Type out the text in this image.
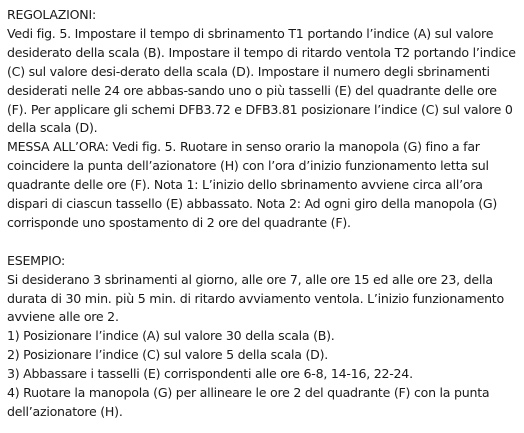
REGOLAZIONI:

Vedi fig. 5. Impostare il tempo di sbrinamento T1 portando l’indice (A) sul valore desiderato della scala (B). Impostare il tempo di ritardo ventola T2 portando l’indice (C) sul valore desi-derato della scala (D). Impostare il numero degli sbrinamenti desiderati nelle 24 ore abbas-sando uno o più tasselli (E) del quadrante delle ore (F). Per applicare gli schemi DFB3.72 e DFB3.81 posizionare l’indice (C) sul valore 0 della scala (D).

MESSA ALL’ORA: Vedi fig. 5. Ruotare in senso orario la manopola (G) fino a far coincidere la punta dell’azionatore (H) con l’ora d’inizio funzionamento letta sul quadrante delle ore (F). Nota 1: L’inizio dello sbrinamento avviene circa all’ora dispari di ciascun tassello (E) abbassato. Nota 2: Ad ogni giro della manopola (G) corrisponde uno spostamento di 2 ore del quadrante (F).

ESEMPIO:

Si desiderano 3 sbrinamenti al giorno, alle ore 7, alle ore 15 ed alle ore 23, della durata di 30 min. più 5 min. di ritardo avviamento ventola. L’inizio funzionamento avviene alle ore 2.

1) Posizionare l’indice (A) sul valore 30 della scala (B).

2) Posizionare l’indice (C) sul valore 5 della scala (D).

3) Abbassare i tasselli (E) corrispondenti alle ore 6-8, 14-16, 22-24.

4) Ruotare la manopola (G) per allineare le ore 2 del quadrante (F) con la punta dell’azionatore (H).
